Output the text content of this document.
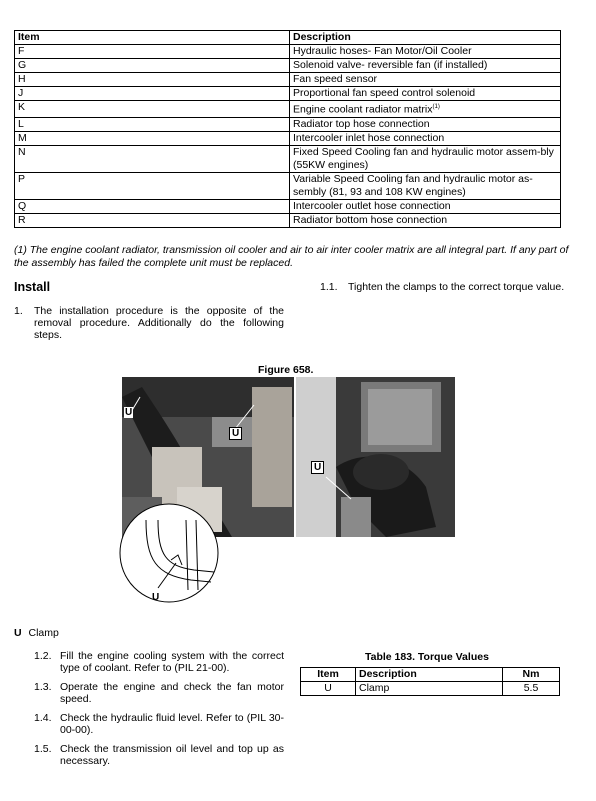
Item	Description
F	Hydraulic hoses- Fan Motor/Oil Cooler
G	Solenoid valve- reversible fan (if installed)
H	Fan speed sensor
J	Proportional fan speed control solenoid
K	Engine coolant radiator matrix$^{(1)}$
L	Radiator top hose connection
M	Intercooler inlet hose connection
N	Fixed Speed Cooling fan and hydraulic motor assem-bly (55KW engines)
P	Variable Speed Cooling fan and hydraulic motor as-sembly (81, 93 and 108 KW engines)
Q	Intercooler outlet hose connection
R	Radiator bottom hose connection
(1) The engine coolant radiator, transmission oil cooler and air to air inter cooler matrix are all integral part. If any part of the assembly has failed the complete unit must be replaced.
Install
1. The installation procedure is the opposite of the removal procedure. Additionally do the following steps.
1.1. Tighten the clamps to the correct torque value.
Figure 658.
U
U
U
U
U Clamp
1.2. Fill the engine cooling system with the correct type of coolant. Refer to (PIL 21-00).
1.3. Operate the engine and check the fan motor speed.
1.4. Check the hydraulic fluid level. Refer to (PIL 30-00-00).
1.5. Check the transmission oil level and top up as necessary.
Table 183. Torque Values
Item	Description	Nm
U	Clamp	5.5
